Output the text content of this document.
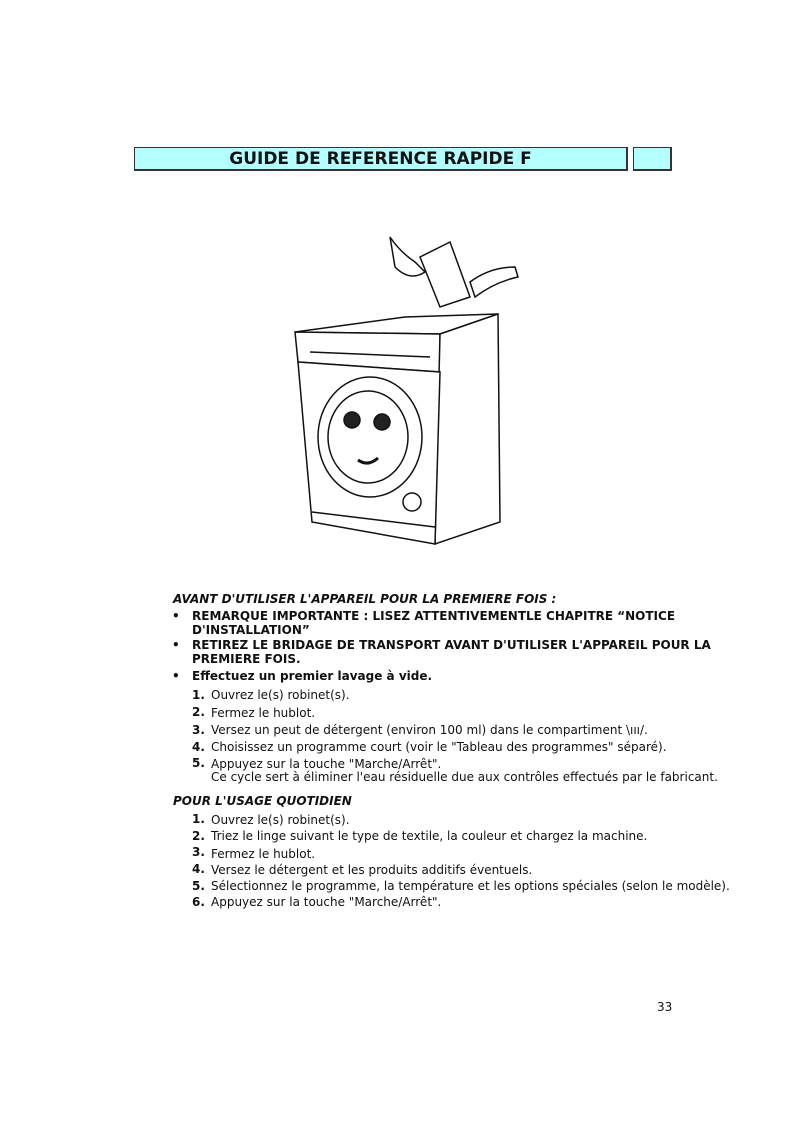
GUIDE DE REFERENCE RAPIDE F
AVANT D'UTILISER L'APPAREIL POUR LA PREMIERE FOIS :
• REMARQUE IMPORTANTE : LISEZ ATTENTIVEMENTLE CHAPITRE “NOTICE
D'INSTALLATION”
• RETIREZ LE BRIDAGE DE TRANSPORT AVANT D'UTILISER L'APPAREIL POUR LA
PREMIERE FOIS.
• Effectuez un premier lavage à vide.
1. Ouvrez le(s) robinet(s).
2. Fermez le hublot.
3. Versez un peut de détergent (environ 100 ml) dans le compartiment \ııı/.
4. Choisissez un programme court (voir le "Tableau des programmes" séparé).
5. Appuyez sur la touche "Marche/Arrêt".
Ce cycle sert à éliminer l'eau résiduelle due aux contrôles effectués par le fabricant.
POUR L'USAGE QUOTIDIEN
1. Ouvrez le(s) robinet(s).
2. Triez le linge suivant le type de textile, la couleur et chargez la machine.
3. Fermez le hublot.
4. Versez le détergent et les produits additifs éventuels.
5. Sélectionnez le programme, la température et les options spéciales (selon le modèle).
6. Appuyez sur la touche "Marche/Arrêt".
33
